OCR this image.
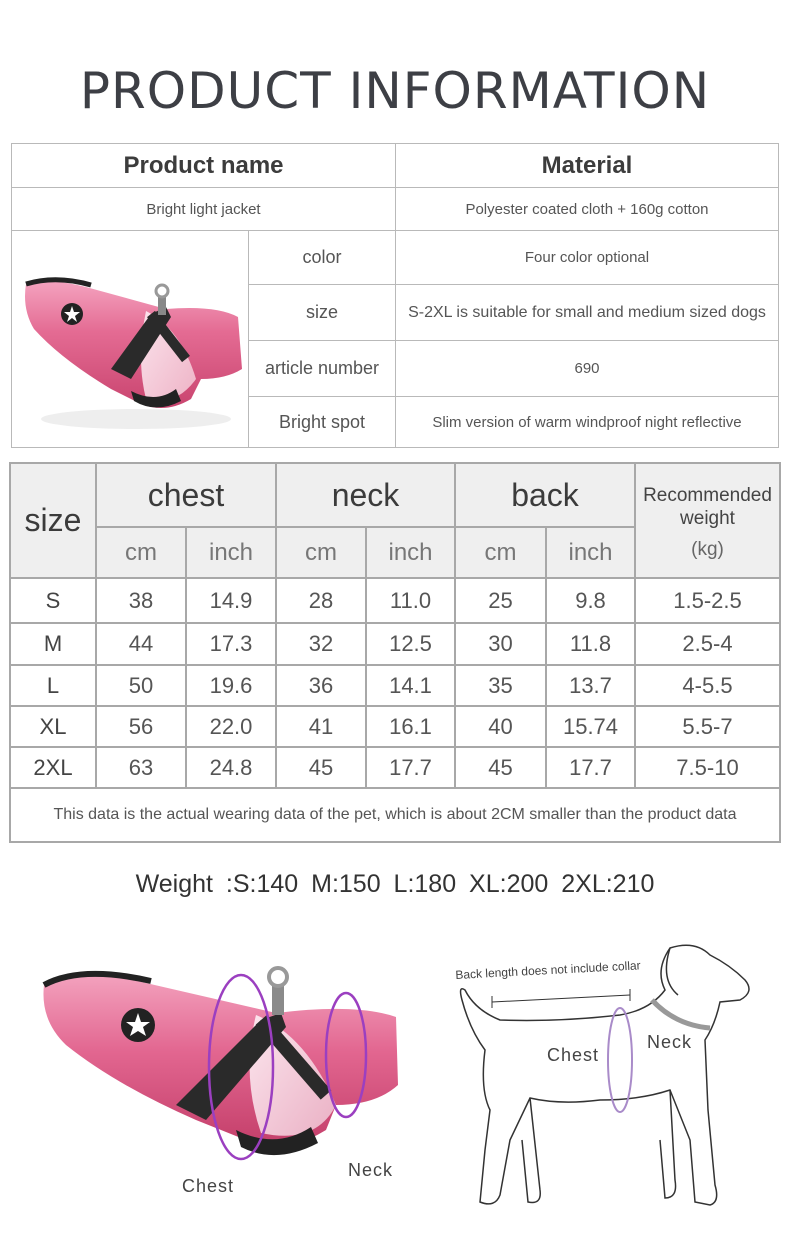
PRODUCT INFORMATION
Product name	Material
Bright light jacket	Polyester coated cloth + 160g cotton
color	Four color optional
size	S-2XL is suitable for small and medium sized dogs
article number	690
Bright spot	Slim version of warm windproof night reflective
size
chest	neck	back
cm	inch	cm	inch	cm	inch
Recommended
weight
(kg)
S	38	14.9	28	11.0	25	9.8	1.5-2.5
M	44	17.3	32	12.5	30	11.8	2.5-4
L	50	19.6	36	14.1	35	13.7	4-5.5
XL	56	22.0	41	16.1	40	15.74	5.5-7
2XL	63	24.8	45	17.7	45	17.7	7.5-10
This data is the actual wearing data of the pet, which is about 2CM smaller than the product data
Weight :S:140 M:150 L:180 XL:200 2XL:210
Chest
Neck
Back length does not include collar
Chest
Neck
